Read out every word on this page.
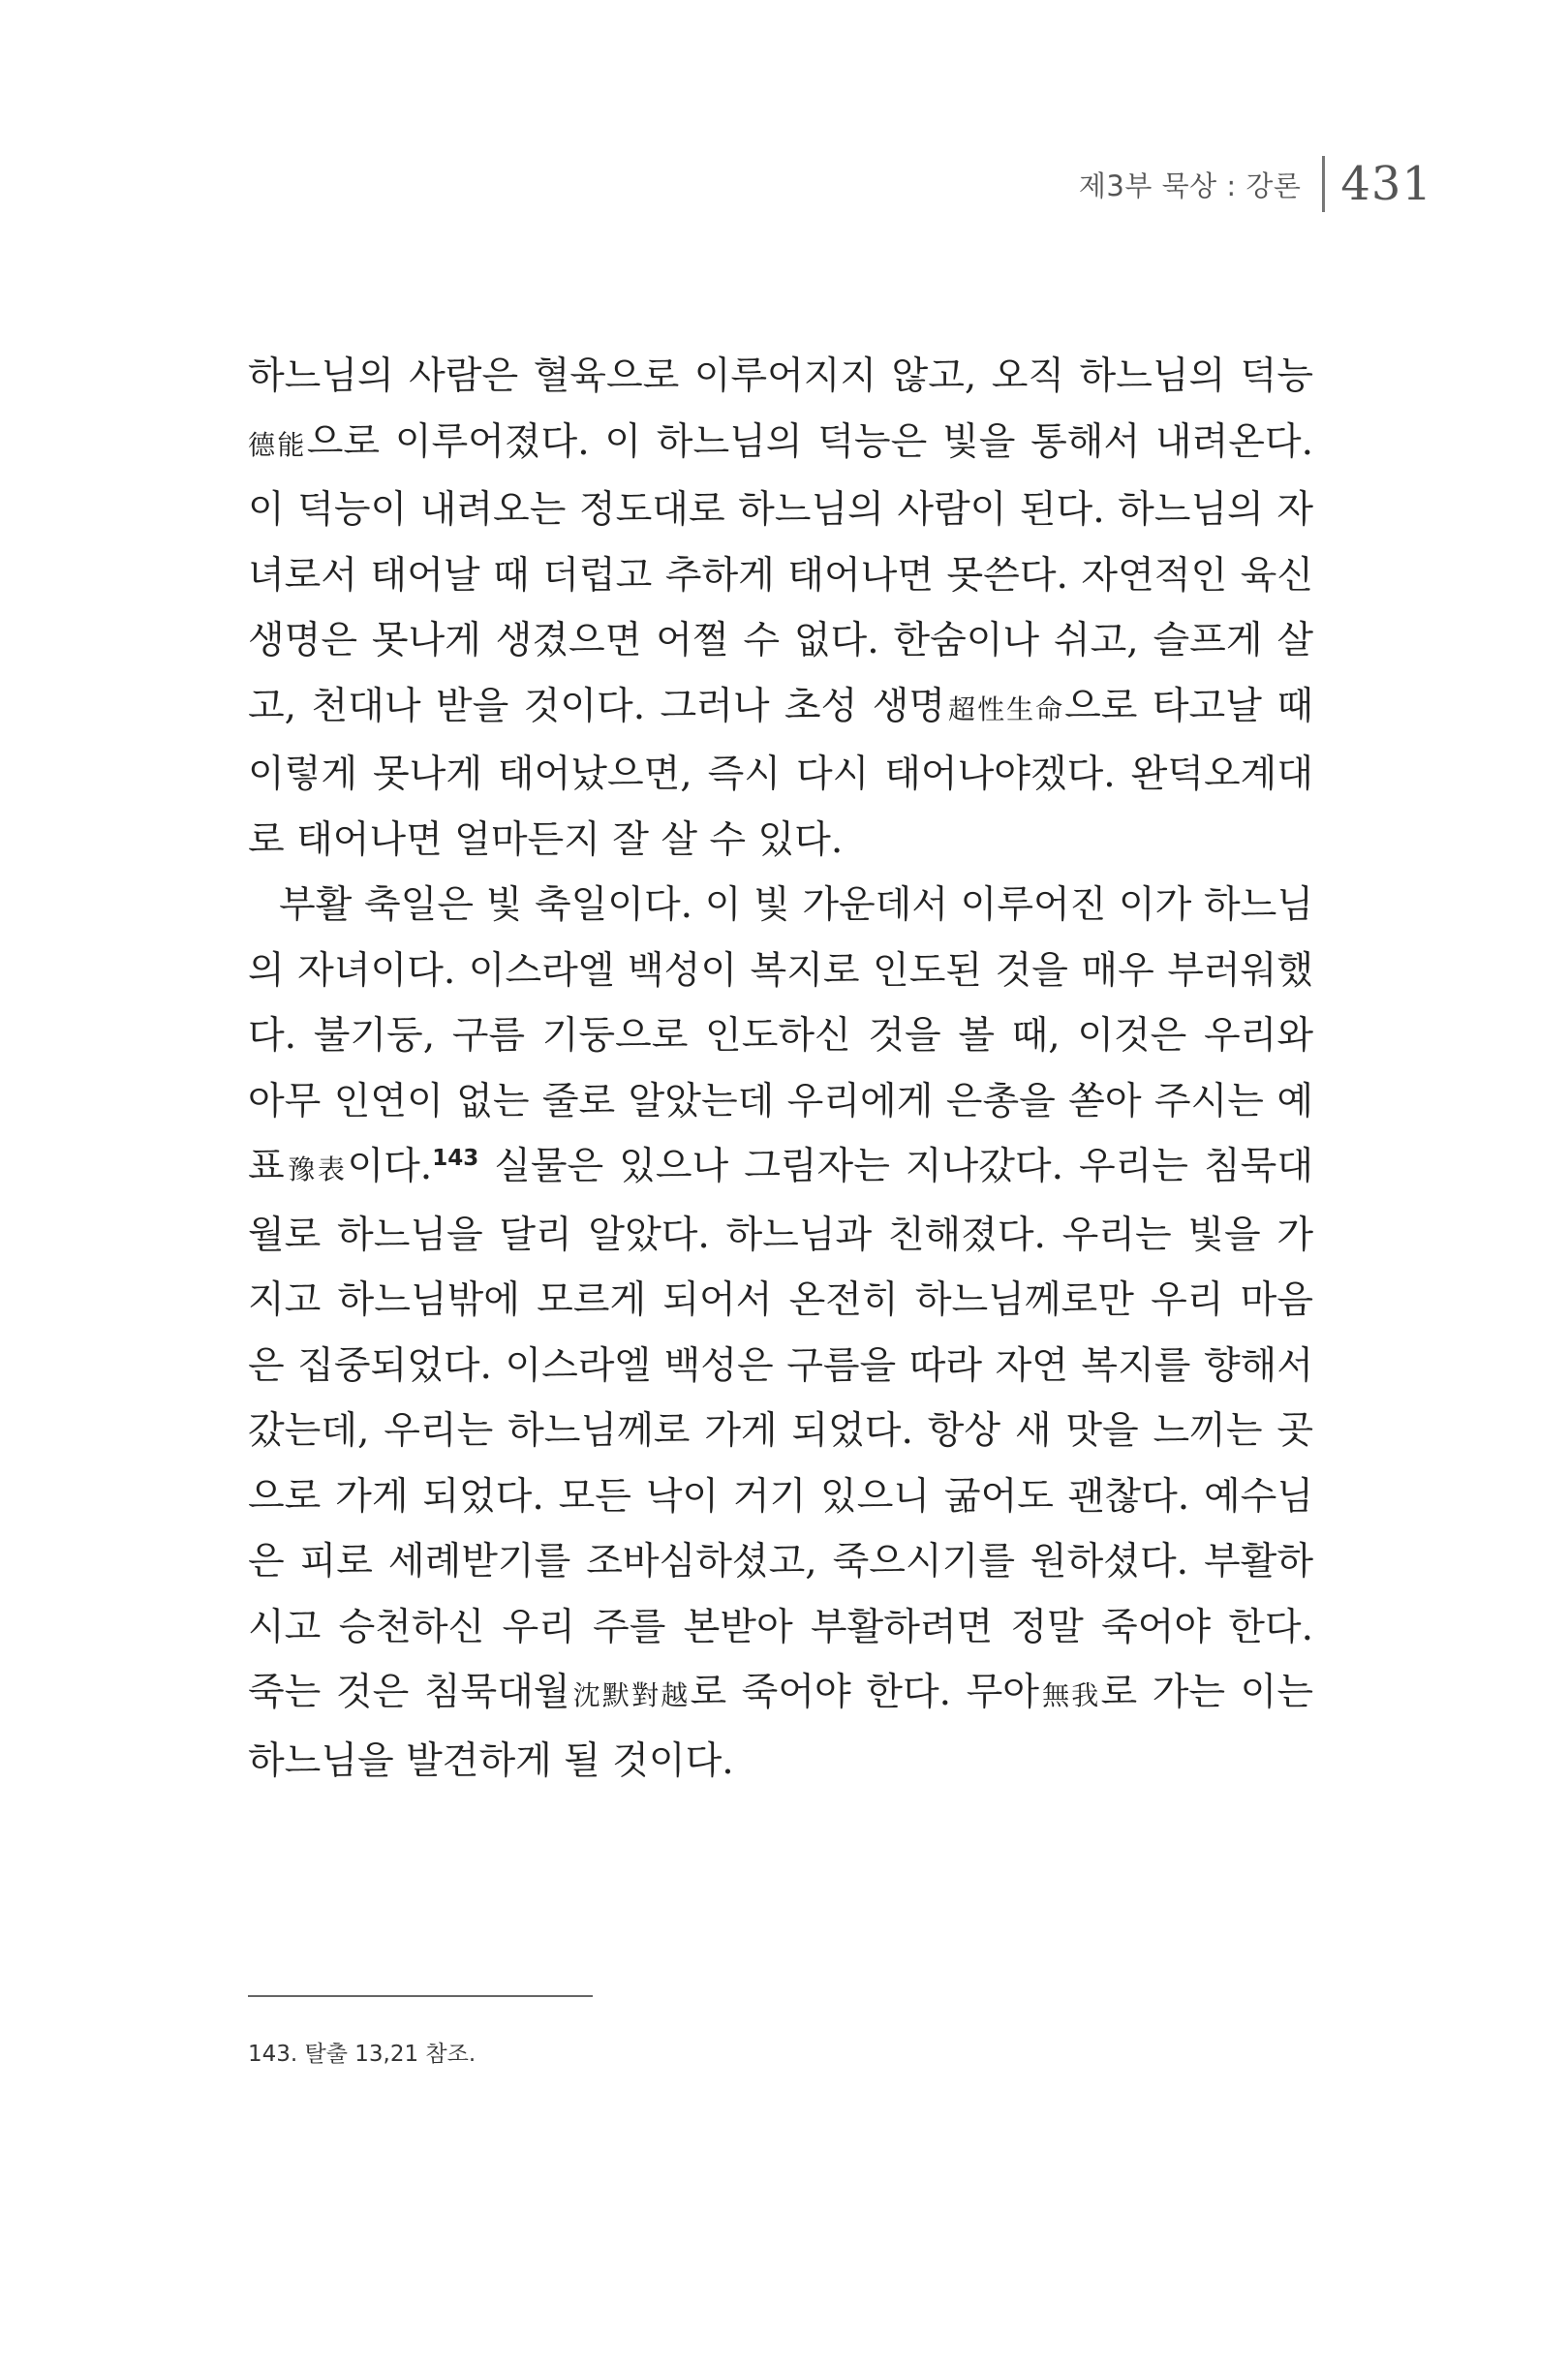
제3부 묵상 : 강론 431

하느님의 사람은 혈육으로 이루어지지 않고, 오직 하느님의 덕능德能으로 이루어졌다. 이 하느님의 덕능은 빛을 통해서 내려온다. 이 덕능이 내려오는 정도대로 하느님의 사람이 된다. 하느님의 자녀로서 태어날 때 더럽고 추하게 태어나면 못쓴다. 자연적인 육신 생명은 못나게 생겼으면 어쩔 수 없다. 한숨이나 쉬고, 슬프게 살고, 천대나 받을 것이다. 그러나 초성 생명超性生命으로 타고날 때 이렇게 못나게 태어났으면, 즉시 다시 태어나야겠다. 완덕오계대로 태어나면 얼마든지 잘 살 수 있다.

부활 축일은 빛 축일이다. 이 빛 가운데서 이루어진 이가 하느님의 자녀이다. 이스라엘 백성이 복지로 인도된 것을 매우 부러워했다. 불기둥, 구름 기둥으로 인도하신 것을 볼 때, 이것은 우리와 아무 인연이 없는 줄로 알았는데 우리에게 은총을 쏟아 주시는 예표豫表이다.$^{143}$ 실물은 있으나 그림자는 지나갔다. 우리는 침묵대월로 하느님을 달리 알았다. 하느님과 친해졌다. 우리는 빛을 가지고 하느님밖에 모르게 되어서 온전히 하느님께로만 우리 마음은 집중되었다. 이스라엘 백성은 구름을 따라 자연 복지를 향해서 갔는데, 우리는 하느님께로 가게 되었다. 항상 새 맛을 느끼는 곳으로 가게 되었다. 모든 낙이 거기 있으니 굶어도 괜찮다. 예수님은 피로 세례받기를 조바심하셨고, 죽으시기를 원하셨다. 부활하시고 승천하신 우리 주를 본받아 부활하려면 정말 죽어야 한다. 죽는 것은 침묵대월沈默對越로 죽어야 한다. 무아無我로 가는 이는 하느님을 발견하게 될 것이다.

143. 탈출 13,21 참조.
